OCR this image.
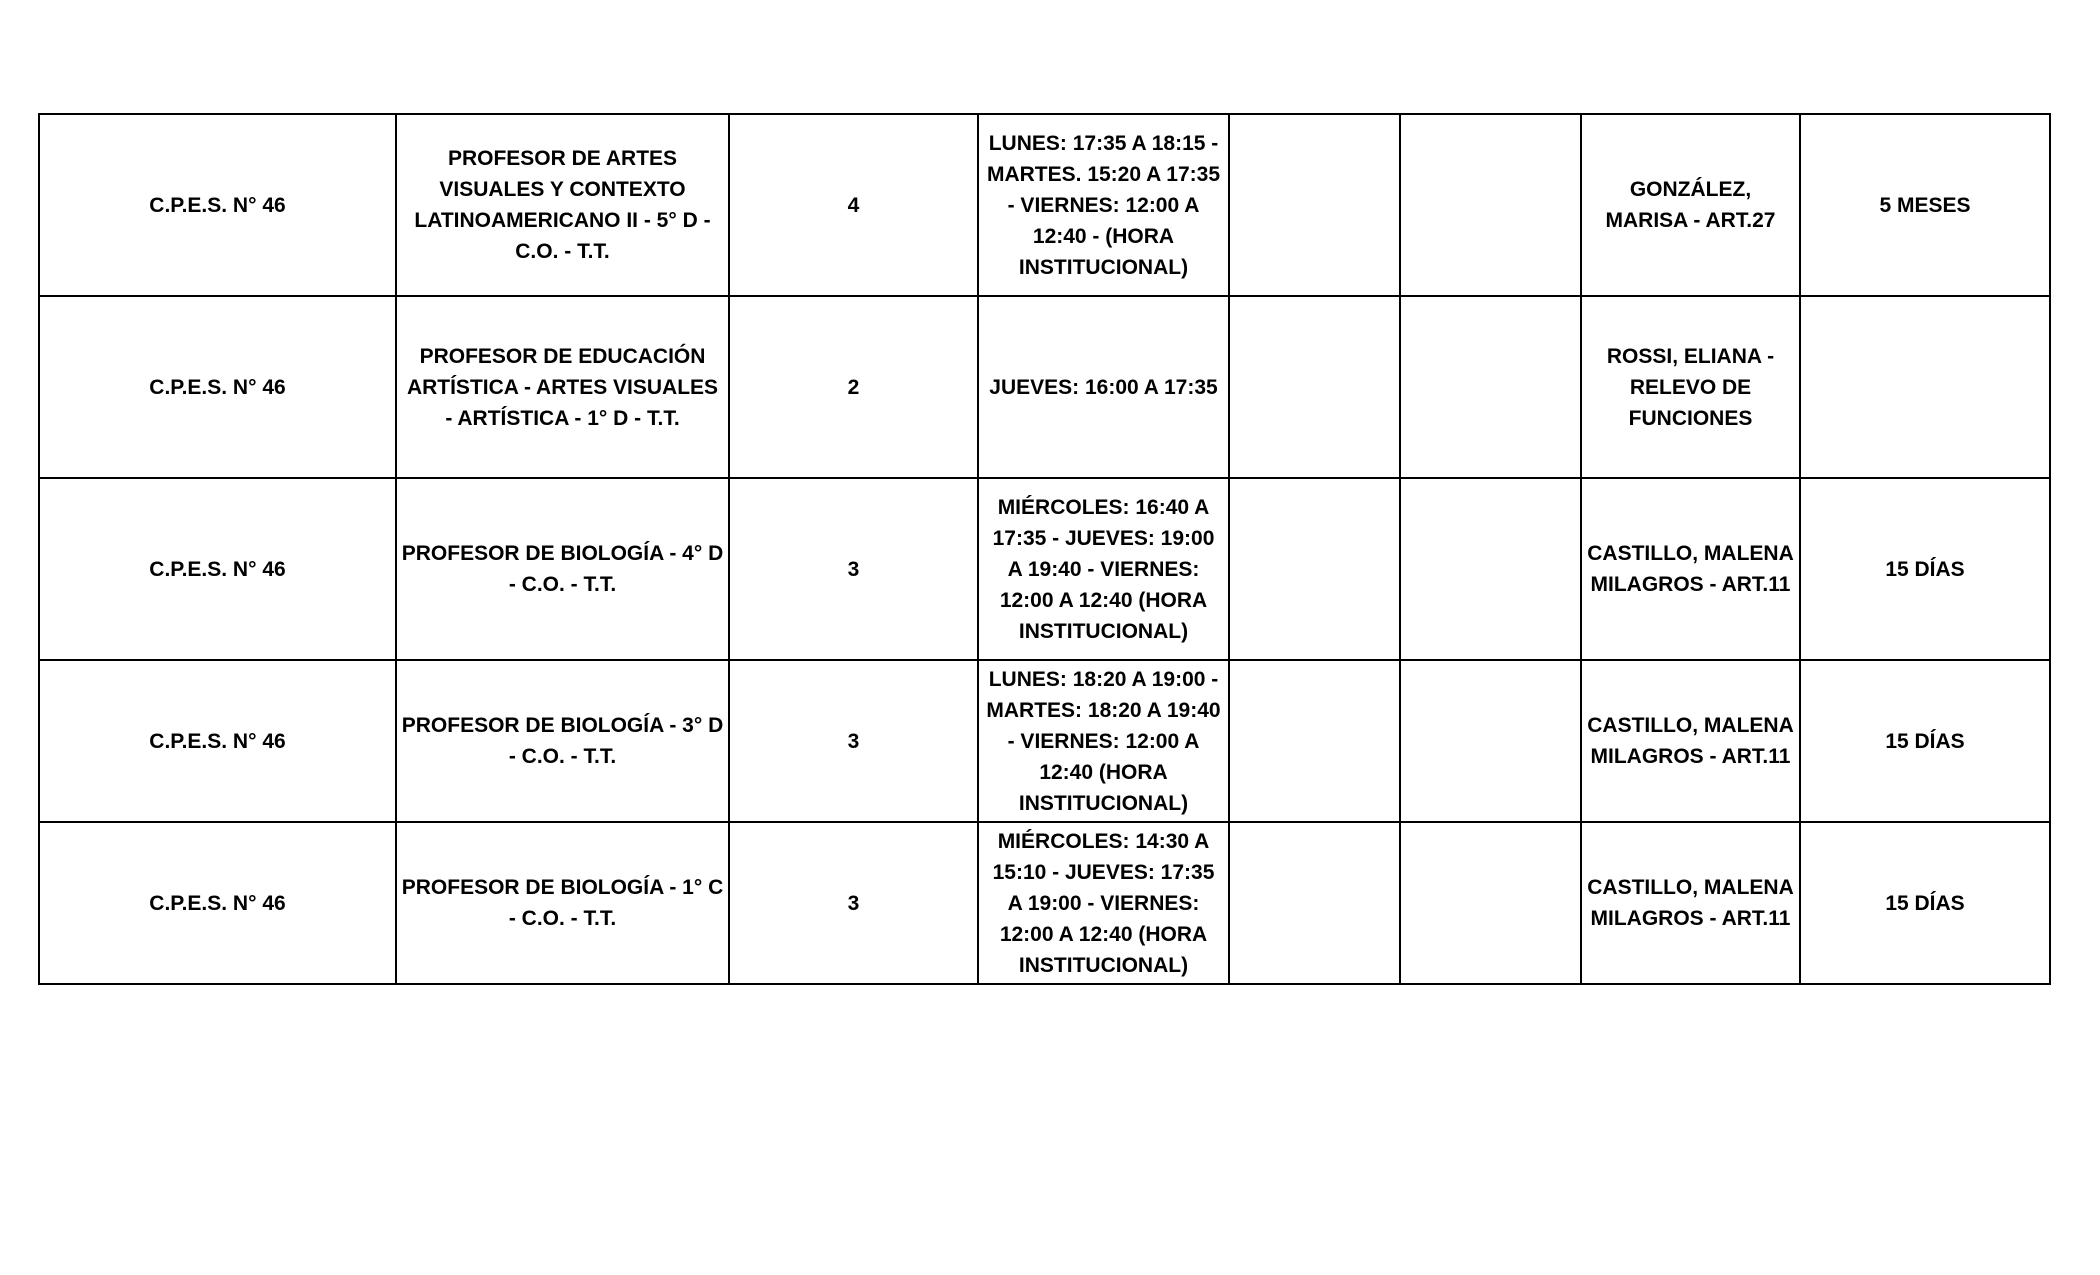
C.P.E.S. N° 46	PROFESOR DE ARTES VISUALES Y CONTEXTO LATINOAMERICANO II - 5° D - C.O. - T.T.	4	LUNES: 17:35 A 18:15 - MARTES. 15:20 A 17:35 - VIERNES: 12:00 A 12:40 - (HORA INSTITUCIONAL)			GONZÁLEZ, MARISA - ART.27	5 MESES
C.P.E.S. N° 46	PROFESOR DE EDUCACIÓN ARTÍSTICA - ARTES VISUALES - ARTÍSTICA - 1° D - T.T.	2	JUEVES: 16:00 A 17:35			ROSSI, ELIANA - RELEVO DE FUNCIONES	
C.P.E.S. N° 46	PROFESOR DE BIOLOGÍA - 4° D - C.O. - T.T.	3	MIÉRCOLES: 16:40 A 17:35 - JUEVES: 19:00 A 19:40 - VIERNES: 12:00 A 12:40 (HORA INSTITUCIONAL)			CASTILLO, MALENA MILAGROS - ART.11	15 DÍAS
C.P.E.S. N° 46	PROFESOR DE BIOLOGÍA - 3° D - C.O. - T.T.	3	LUNES: 18:20 A 19:00 - MARTES: 18:20 A 19:40 - VIERNES: 12:00 A 12:40 (HORA INSTITUCIONAL)			CASTILLO, MALENA MILAGROS - ART.11	15 DÍAS
C.P.E.S. N° 46	PROFESOR DE BIOLOGÍA - 1° C - C.O. - T.T.	3	MIÉRCOLES: 14:30 A 15:10 - JUEVES: 17:35 A 19:00 - VIERNES: 12:00 A 12:40 (HORA INSTITUCIONAL)			CASTILLO, MALENA MILAGROS - ART.11	15 DÍAS
